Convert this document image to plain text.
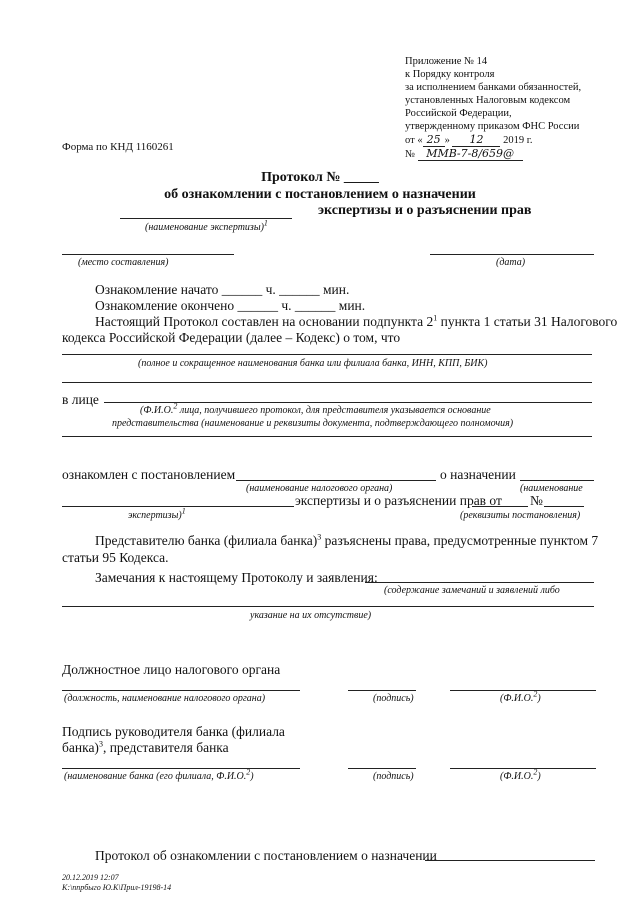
Приложение № 14
к Порядку контроля
за исполнением банками обязанностей,
установленных Налоговым кодексом
Российской Федерации,
утвержденному приказом ФНС России
от « 25 » 12 2019 г.
№ ММВ-7-8/659@
Форма по КНД 1160261
Протокол № _____
об ознакомлении с постановлением о назначении
экспертизы и о разъяснении прав
(наименование экспертизы)$^1$
(место составления)	(дата)
Ознакомление начато ______ ч. ______ мин.
Ознакомление окончено ______ ч. ______ мин.
Настоящий Протокол составлен на основании подпункта $2^1$ пункта 1 статьи 31 Налогового
кодекса Российской Федерации (далее – Кодекс) о том, что
(полное и сокращенное наименования банка или филиала банка, ИНН, КПП, БИК)
в лице
(Ф.И.О.$^2$ лица, получившего протокол, для представителя указывается основание
представительства (наименование и реквизиты документа, подтверждающего полномочия)
ознакомлен с постановлением	о назначении
(наименование налогового органа)	(наименование
экспертизы и о разъяснении прав от №
экспертизы)$^1$	(реквизиты постановления)
Представителю банка (филиала банка)$^3$ разъяснены права, предусмотренные пунктом 7
статьи 95 Кодекса.
Замечания к настоящему Протоколу и заявления:
(содержание замечаний и заявлений либо
указание на их отсутствие)
Должностное лицо налогового органа
(должность, наименование налогового органа)	(подпись)	(Ф.И.О.$^2$)
Подпись руководителя банка (филиала
банка)$^3$, представителя банка
(наименование банка (его филиала, Ф.И.О.$^2$)	(подпись)	(Ф.И.О.$^2$)
Протокол об ознакомлении с постановлением о назначении
20.12.2019 12:07
К:\ппрбыго Ю.К\Прил-19198-14
